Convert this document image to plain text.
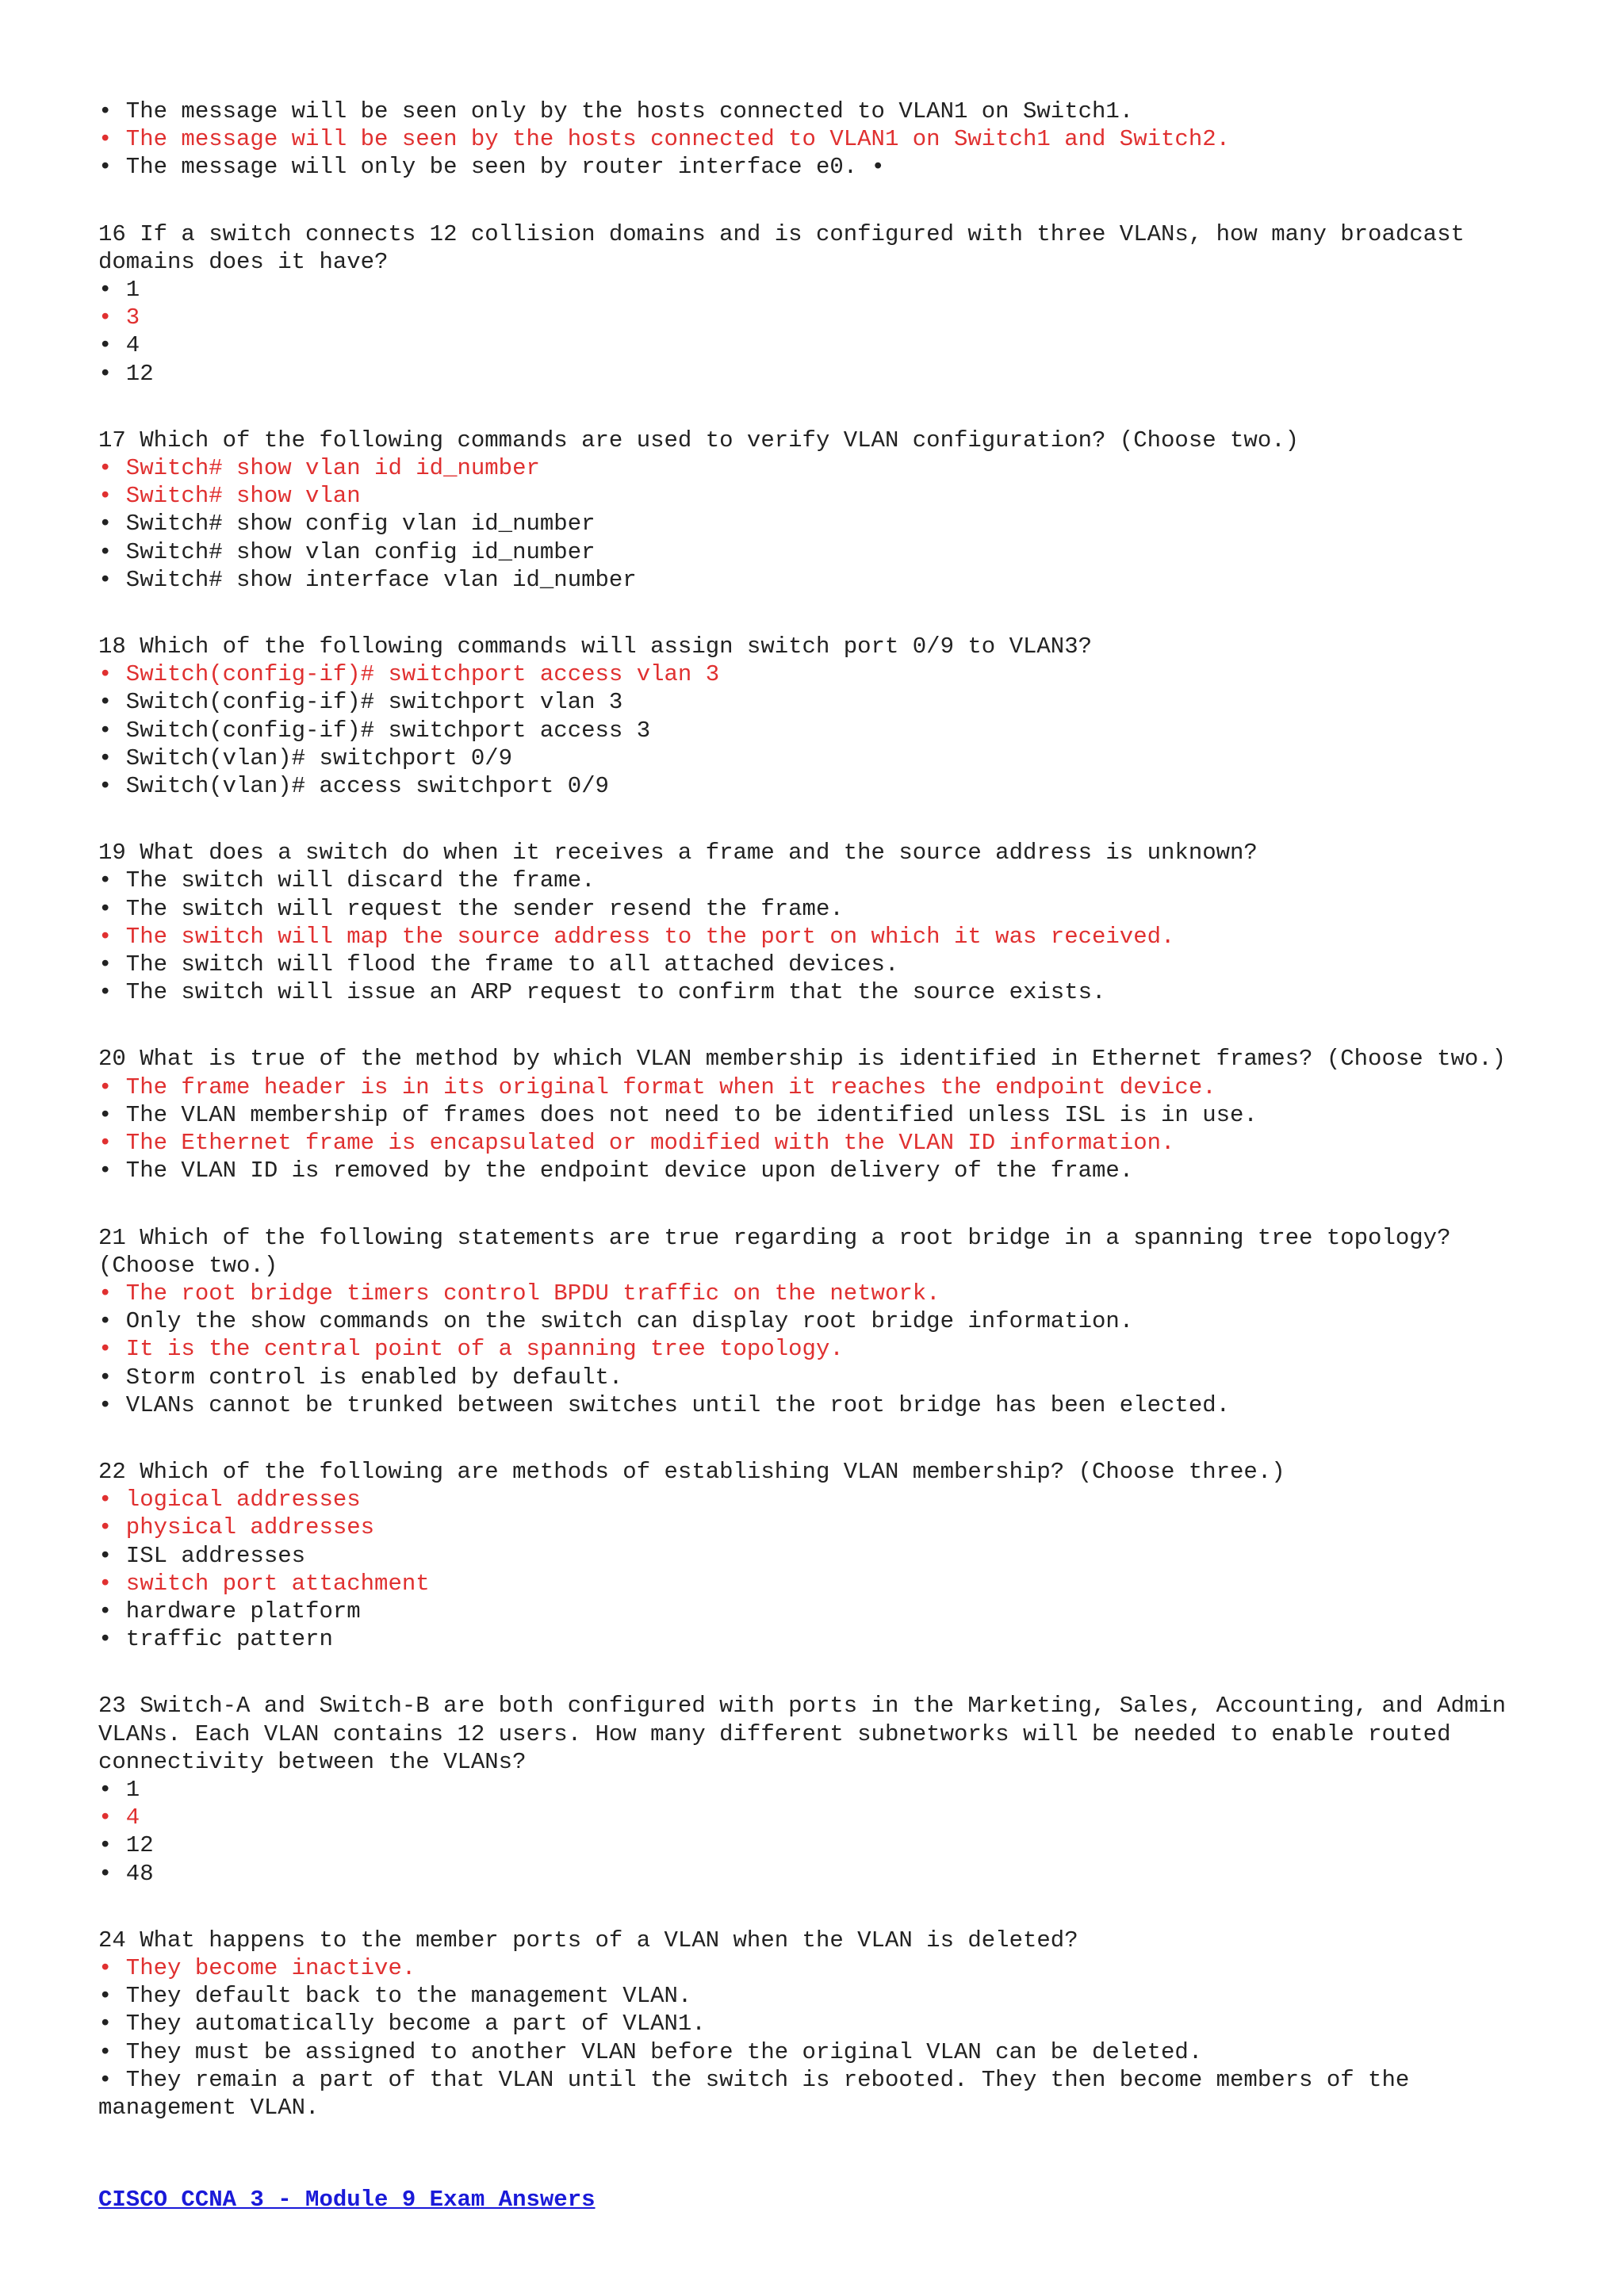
• The message will be seen only by the hosts connected to VLAN1 on Switch1.
• The message will be seen by the hosts connected to VLAN1 on Switch1 and Switch2.
• The message will only be seen by router interface e0. •
16 If a switch connects 12 collision domains and is configured with three VLANs, how many broadcast domains does it have?
• 1
• 3
• 4
• 12
17 Which of the following commands are used to verify VLAN configuration? (Choose two.)
• Switch# show vlan id id_number
• Switch# show vlan
• Switch# show config vlan id_number
• Switch# show vlan config id_number
• Switch# show interface vlan id_number
18 Which of the following commands will assign switch port 0/9 to VLAN3?
• Switch(config-if)# switchport access vlan 3
• Switch(config-if)# switchport vlan 3
• Switch(config-if)# switchport access 3
• Switch(vlan)# switchport 0/9
• Switch(vlan)# access switchport 0/9
19 What does a switch do when it receives a frame and the source address is unknown?
• The switch will discard the frame.
• The switch will request the sender resend the frame.
• The switch will map the source address to the port on which it was received.
• The switch will flood the frame to all attached devices.
• The switch will issue an ARP request to confirm that the source exists.
20 What is true of the method by which VLAN membership is identified in Ethernet frames? (Choose two.)
• The frame header is in its original format when it reaches the endpoint device.
• The VLAN membership of frames does not need to be identified unless ISL is in use.
• The Ethernet frame is encapsulated or modified with the VLAN ID information.
• The VLAN ID is removed by the endpoint device upon delivery of the frame.
21 Which of the following statements are true regarding a root bridge in a spanning tree topology? (Choose two.)
• The root bridge timers control BPDU traffic on the network.
• Only the show commands on the switch can display root bridge information.
• It is the central point of a spanning tree topology.
• Storm control is enabled by default.
• VLANs cannot be trunked between switches until the root bridge has been elected.
22 Which of the following are methods of establishing VLAN membership? (Choose three.)
• logical addresses
• physical addresses
• ISL addresses
• switch port attachment
• hardware platform
• traffic pattern
23 Switch-A and Switch-B are both configured with ports in the Marketing, Sales, Accounting, and Admin VLANs. Each VLAN contains 12 users. How many different subnetworks will be needed to enable routed connectivity between the VLANs?
• 1
• 4
• 12
• 48
24 What happens to the member ports of a VLAN when the VLAN is deleted?
• They become inactive.
• They default back to the management VLAN.
• They automatically become a part of VLAN1.
• They must be assigned to another VLAN before the original VLAN can be deleted.
• They remain a part of that VLAN until the switch is rebooted. They then become members of the management VLAN.
CISCO CCNA 3 - Module 9 Exam Answers
